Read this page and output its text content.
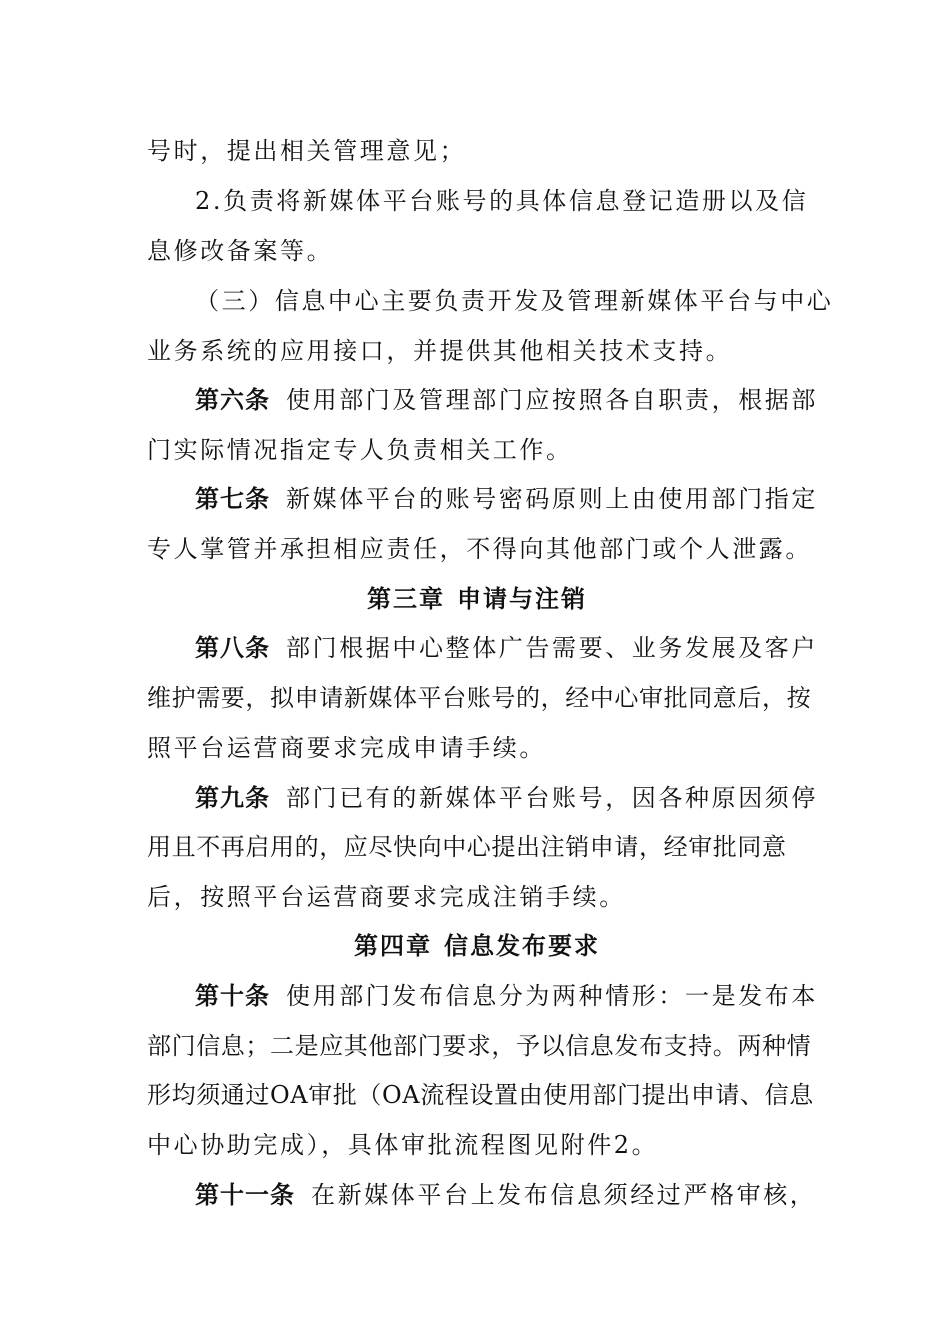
号时，提出相关管理意见；
2.负责将新媒体平台账号的具体信息登记造册以及信
息修改备案等。
（三）信息中心主要负责开发及管理新媒体平台与中心
业务系统的应用接口，并提供其他相关技术支持。
第六条 使用部门及管理部门应按照各自职责，根据部
门实际情况指定专人负责相关工作。
第七条 新媒体平台的账号密码原则上由使用部门指定
专人掌管并承担相应责任，不得向其他部门或个人泄露。
第三章 申请与注销
第八条 部门根据中心整体广告需要、业务发展及客户
维护需要，拟申请新媒体平台账号的，经中心审批同意后，按
照平台运营商要求完成申请手续。
第九条 部门已有的新媒体平台账号，因各种原因须停
用且不再启用的，应尽快向中心提出注销申请，经审批同意
后，按照平台运营商要求完成注销手续。
第四章 信息发布要求
第十条 使用部门发布信息分为两种情形：一是发布本
部门信息；二是应其他部门要求，予以信息发布支持。两种情
形均须通过OA审批（OA流程设置由使用部门提出申请、信息
中心协助完成），具体审批流程图见附件2。
第十一条 在新媒体平台上发布信息须经过严格审核，
